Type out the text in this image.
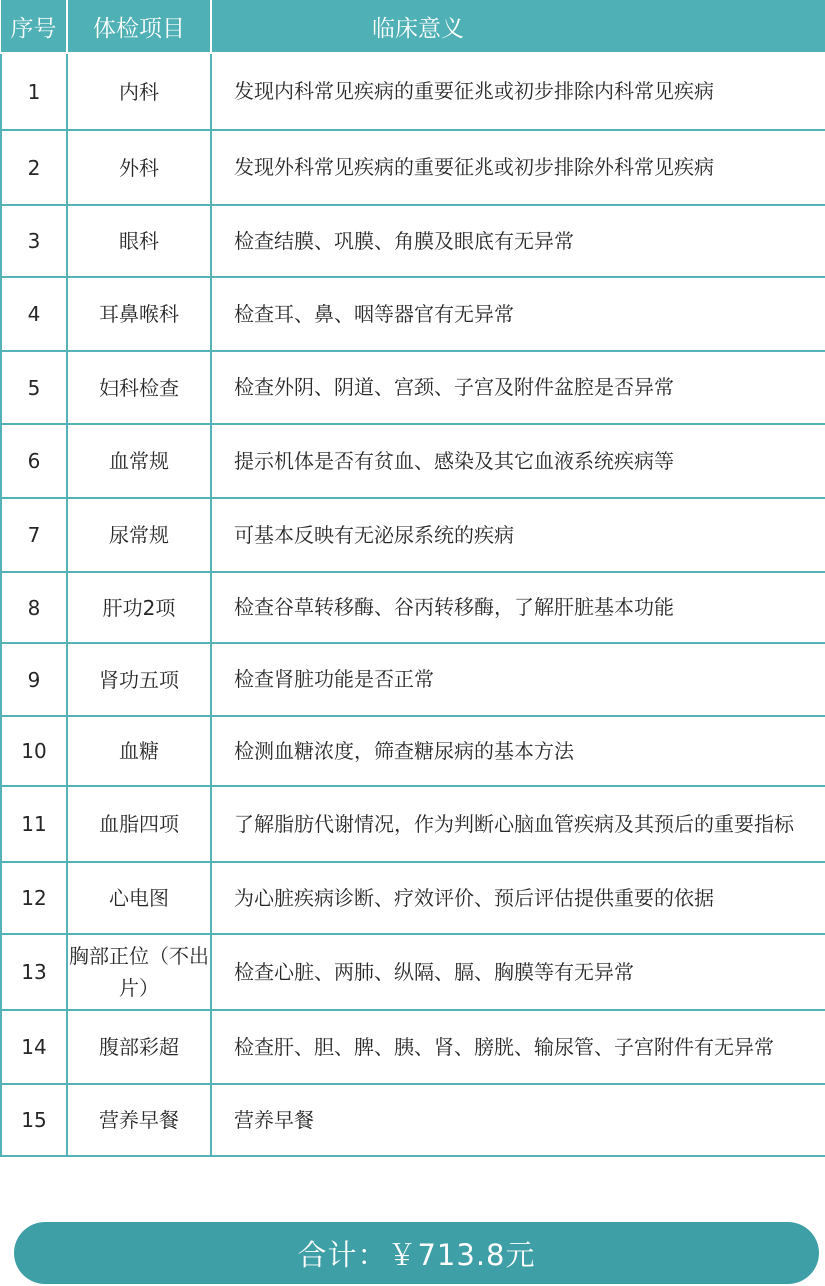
序号	体检项目	临床意义
1	内科	发现内科常见疾病的重要征兆或初步排除内科常见疾病
2	外科	发现外科常见疾病的重要征兆或初步排除外科常见疾病
3	眼科	检查结膜、巩膜、角膜及眼底有无异常
4	耳鼻喉科	检查耳、鼻、咽等器官有无异常
5	妇科检查	检查外阴、阴道、宫颈、子宫及附件盆腔是否异常
6	血常规	提示机体是否有贫血、感染及其它血液系统疾病等
7	尿常规	可基本反映有无泌尿系统的疾病
8	肝功2项	检查谷草转移酶、谷丙转移酶，了解肝脏基本功能
9	肾功五项	检查肾脏功能是否正常
10	血糖	检测血糖浓度，筛查糖尿病的基本方法
11	血脂四项	了解脂肪代谢情况，作为判断心脑血管疾病及其预后的重要指标
12	心电图	为心脏疾病诊断、疗效评价、预后评估提供重要的依据
13	胸部正位（不出片）	检查心脏、两肺、纵隔、膈、胸膜等有无异常
14	腹部彩超	检查肝、胆、脾、胰、肾、膀胱、输尿管、子宫附件有无异常
15	营养早餐	营养早餐
合计：￥713.8元
